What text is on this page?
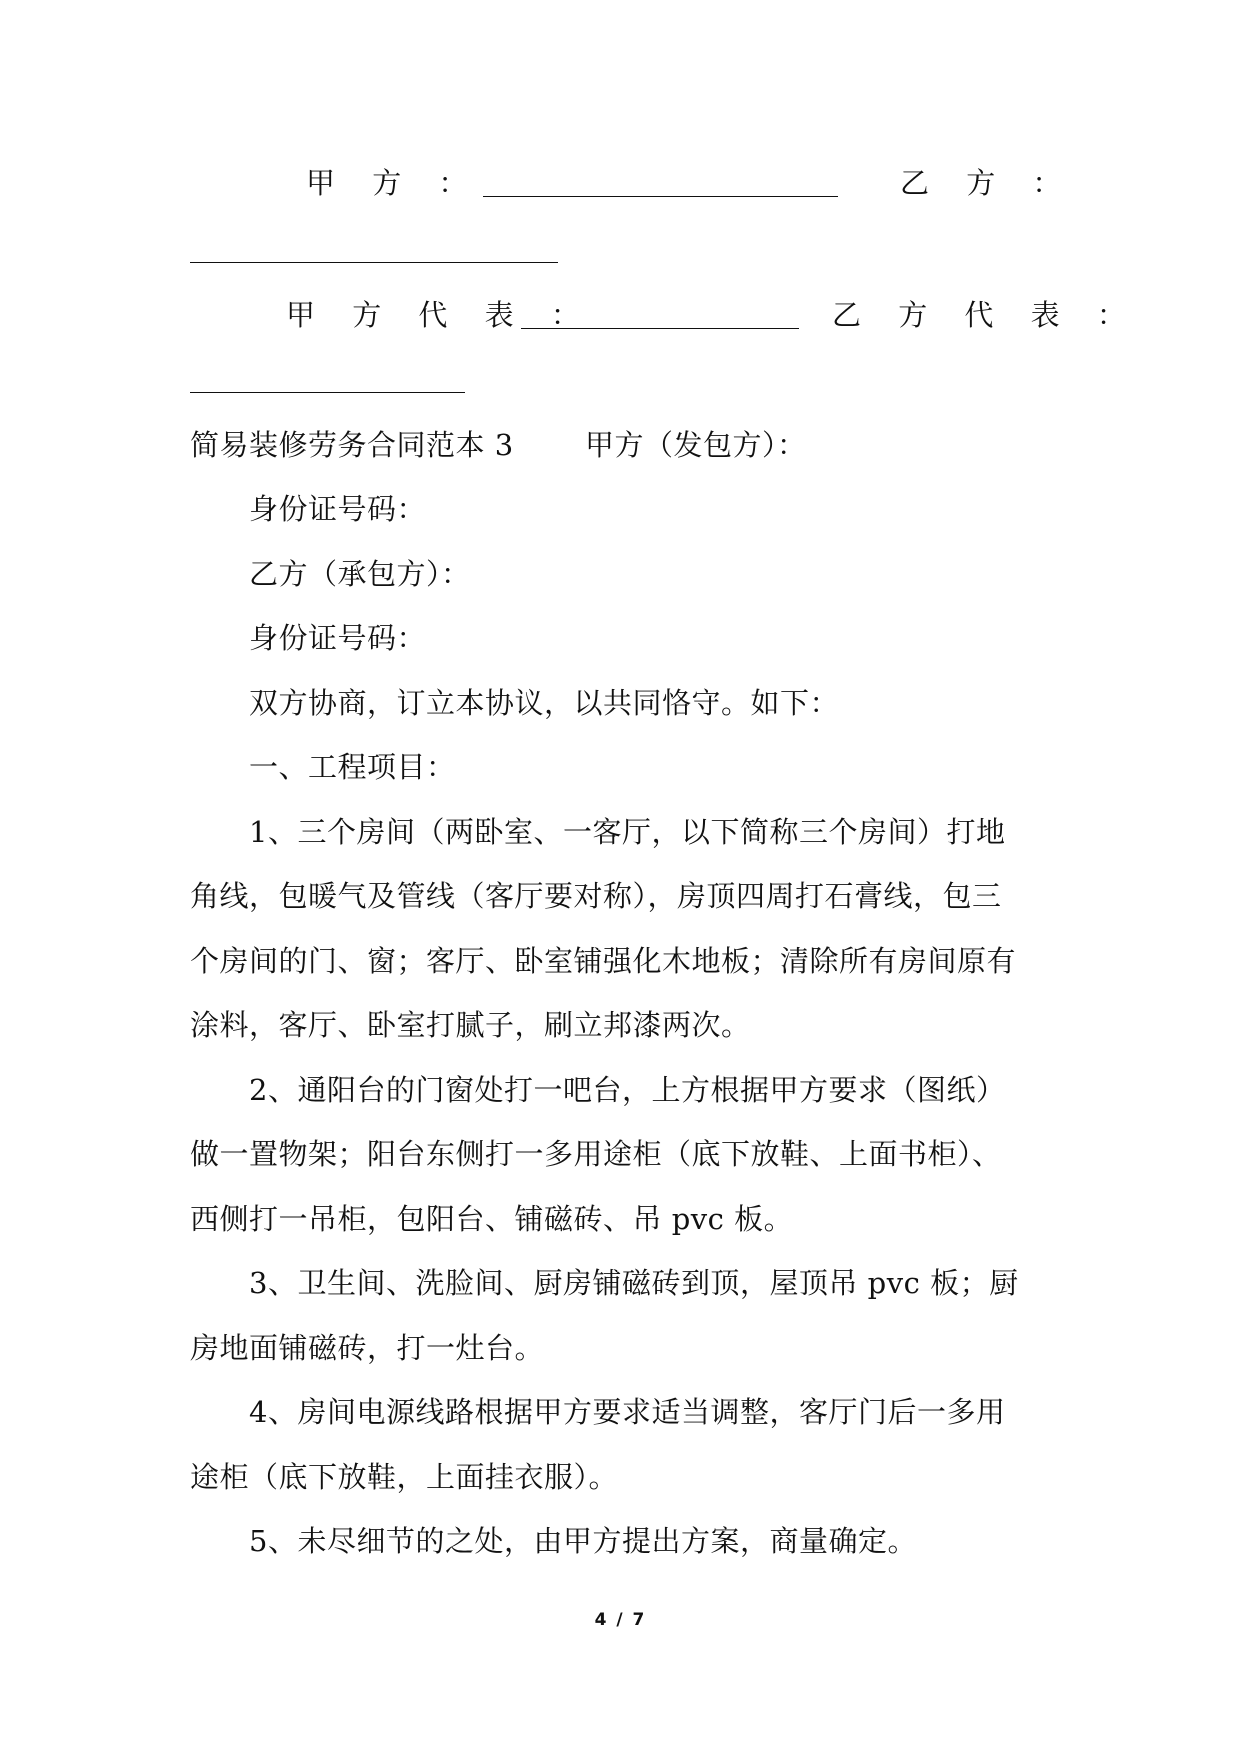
甲 方 ：	乙 方 ：
甲 方 代 表 ：	乙 方 代 表 ：
简易装修劳务合同范本 3 甲方（发包方）：
身份证号码：
乙方（承包方）：
身份证号码：
双方协商，订立本协议，以共同恪守。如下：
一、工程项目：
1、三个房间（两卧室、一客厅，以下简称三个房间）打地
角线，包暖气及管线（客厅要对称），房顶四周打石膏线，包三
个房间的门、窗；客厅、卧室铺强化木地板；清除所有房间原有
涂料，客厅、卧室打腻子，刷立邦漆两次。
2、通阳台的门窗处打一吧台，上方根据甲方要求（图纸）
做一置物架；阳台东侧打一多用途柜（底下放鞋、上面书柜）、
西侧打一吊柜，包阳台、铺磁砖、吊 pvc 板。
3、卫生间、洗脸间、厨房铺磁砖到顶，屋顶吊 pvc 板；厨
房地面铺磁砖，打一灶台。
4、房间电源线路根据甲方要求适当调整，客厅门后一多用
途柜（底下放鞋，上面挂衣服）。
5、未尽细节的之处，由甲方提出方案，商量确定。
4 / 7
